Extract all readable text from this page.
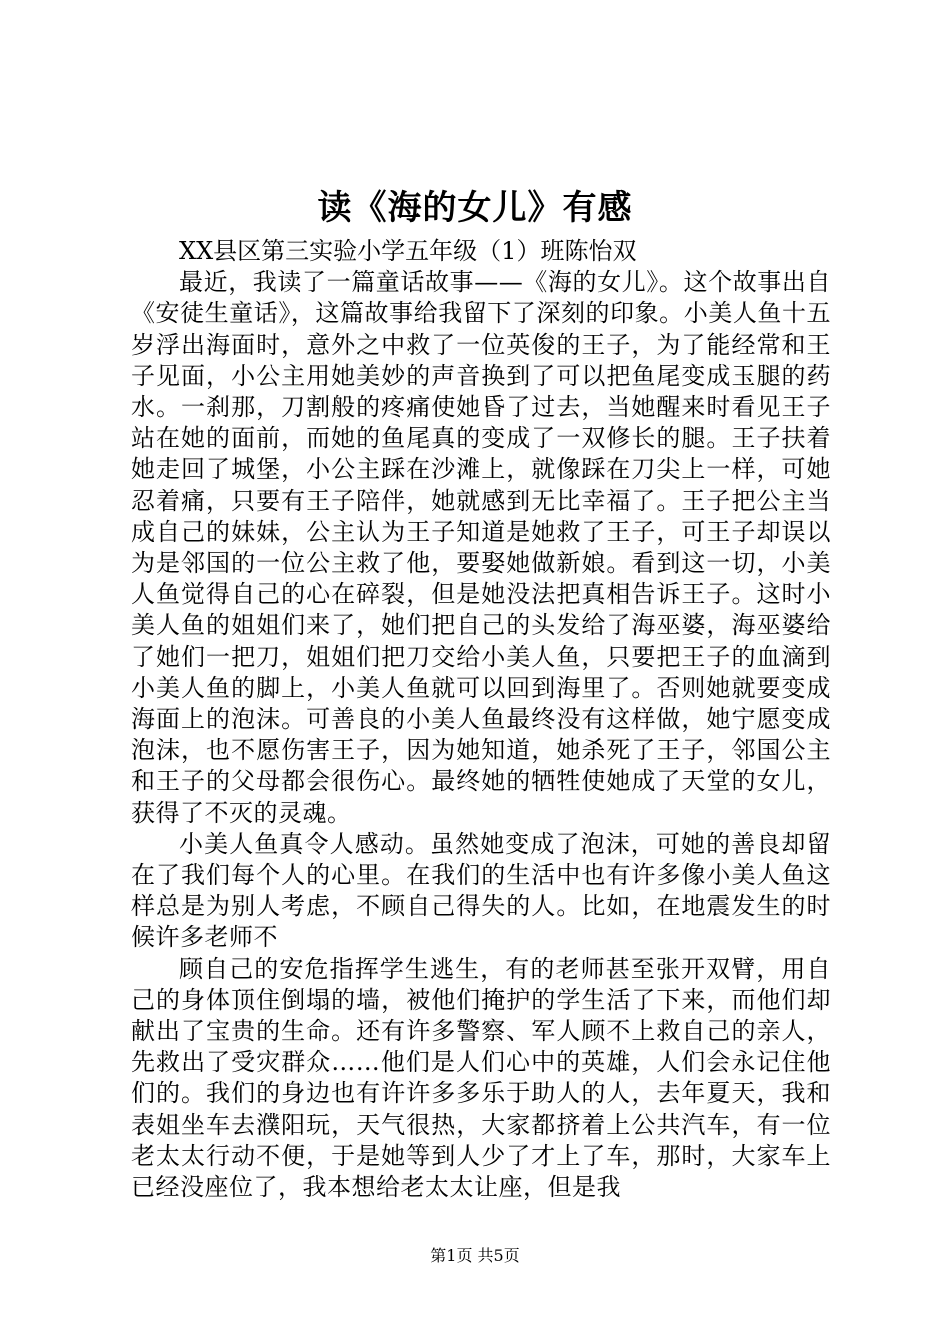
读《海的女儿》有感

XX县区第三实验小学五年级（1）班陈怡双

最近，我读了一篇童话故事——《海的女儿》。这个故事出自《安徒生童话》，这篇故事给我留下了深刻的印象。小美人鱼十五岁浮出海面时，意外之中救了一位英俊的王子，为了能经常和王子见面，小公主用她美妙的声音换到了可以把鱼尾变成玉腿的药水。一刹那，刀割般的疼痛使她昏了过去，当她醒来时看见王子站在她的面前，而她的鱼尾真的变成了一双修长的腿。王子扶着她走回了城堡，小公主踩在沙滩上，就像踩在刀尖上一样，可她忍着痛，只要有王子陪伴，她就感到无比幸福了。王子把公主当成自己的妹妹，公主认为王子知道是她救了王子，可王子却误以为是邻国的一位公主救了他，要娶她做新娘。看到这一切，小美人鱼觉得自己的心在碎裂，但是她没法把真相告诉王子。这时小美人鱼的姐姐们来了，她们把自己的头发给了海巫婆，海巫婆给了她们一把刀，姐姐们把刀交给小美人鱼，只要把王子的血滴到小美人鱼的脚上，小美人鱼就可以回到海里了。否则她就要变成海面上的泡沫。可善良的小美人鱼最终没有这样做，她宁愿变成泡沫，也不愿伤害王子，因为她知道，她杀死了王子，邻国公主和王子的父母都会很伤心。最终她的牺牲使她成了天堂的女儿，获得了不灭的灵魂。

小美人鱼真令人感动。虽然她变成了泡沫，可她的善良却留在了我们每个人的心里。在我们的生活中也有许多像小美人鱼这样总是为别人考虑，不顾自己得失的人。比如，在地震发生的时候许多老师不

顾自己的安危指挥学生逃生，有的老师甚至张开双臂，用自己的身体顶住倒塌的墙，被他们掩护的学生活了下来，而他们却献出了宝贵的生命。还有许多警察、军人顾不上救自己的亲人，先救出了受灾群众……他们是人们心中的英雄，人们会永记住他们的。我们的身边也有许许多多乐于助人的人，去年夏天，我和表姐坐车去濮阳玩，天气很热，大家都挤着上公共汽车，有一位老太太行动不便，于是她等到人少了才上了车，那时，大家车上已经没座位了，我本想给老太太让座，但是我

第1页 共5页
